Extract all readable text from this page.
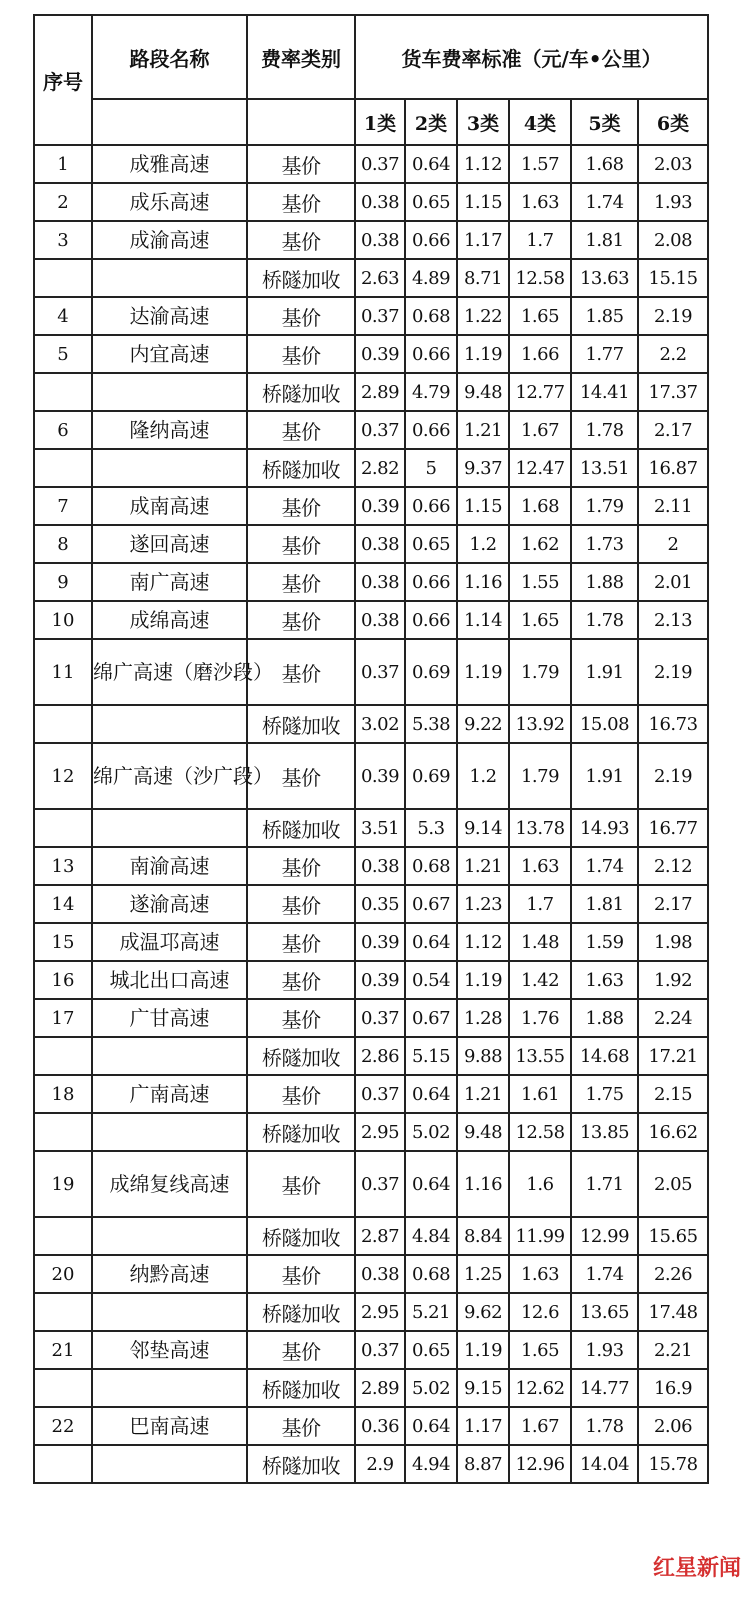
序号	路段名称	费率类别	货车费率标准（元/车•公里）					
			1类	2类	3类	4类	5类	6类
1	成雅高速	基价	0.37	0.64	1.12	1.57	1.68	2.03
2	成乐高速	基价	0.38	0.65	1.15	1.63	1.74	1.93
3	成渝高速	基价	0.38	0.66	1.17	1.7	1.81	2.08
		桥隧加收	2.63	4.89	8.71	12.58	13.63	15.15
4	达渝高速	基价	0.37	0.68	1.22	1.65	1.85	2.19
5	内宜高速	基价	0.39	0.66	1.19	1.66	1.77	2.2
		桥隧加收	2.89	4.79	9.48	12.77	14.41	17.37
6	隆纳高速	基价	0.37	0.66	1.21	1.67	1.78	2.17
		桥隧加收	2.82	5	9.37	12.47	13.51	16.87
7	成南高速	基价	0.39	0.66	1.15	1.68	1.79	2.11
8	遂回高速	基价	0.38	0.65	1.2	1.62	1.73	2
9	南广高速	基价	0.38	0.66	1.16	1.55	1.88	2.01
10	成绵高速	基价	0.38	0.66	1.14	1.65	1.78	2.13
11	绵广高速（磨沙段）	基价	0.37	0.69	1.19	1.79	1.91	2.19
		桥隧加收	3.02	5.38	9.22	13.92	15.08	16.73
12	绵广高速（沙广段）	基价	0.39	0.69	1.2	1.79	1.91	2.19
		桥隧加收	3.51	5.3	9.14	13.78	14.93	16.77
13	南渝高速	基价	0.38	0.68	1.21	1.63	1.74	2.12
14	遂渝高速	基价	0.35	0.67	1.23	1.7	1.81	2.17
15	成温邛高速	基价	0.39	0.64	1.12	1.48	1.59	1.98
16	城北出口高速	基价	0.39	0.54	1.19	1.42	1.63	1.92
17	广甘高速	基价	0.37	0.67	1.28	1.76	1.88	2.24
		桥隧加收	2.86	5.15	9.88	13.55	14.68	17.21
18	广南高速	基价	0.37	0.64	1.21	1.61	1.75	2.15
		桥隧加收	2.95	5.02	9.48	12.58	13.85	16.62
19	成绵复线高速	基价	0.37	0.64	1.16	1.6	1.71	2.05
		桥隧加收	2.87	4.84	8.84	11.99	12.99	15.65
20	纳黔高速	基价	0.38	0.68	1.25	1.63	1.74	2.26
		桥隧加收	2.95	5.21	9.62	12.6	13.65	17.48
21	邻垫高速	基价	0.37	0.65	1.19	1.65	1.93	2.21
		桥隧加收	2.89	5.02	9.15	12.62	14.77	16.9
22	巴南高速	基价	0.36	0.64	1.17	1.67	1.78	2.06
		桥隧加收	2.9	4.94	8.87	12.96	14.04	15.78
红星新闻
